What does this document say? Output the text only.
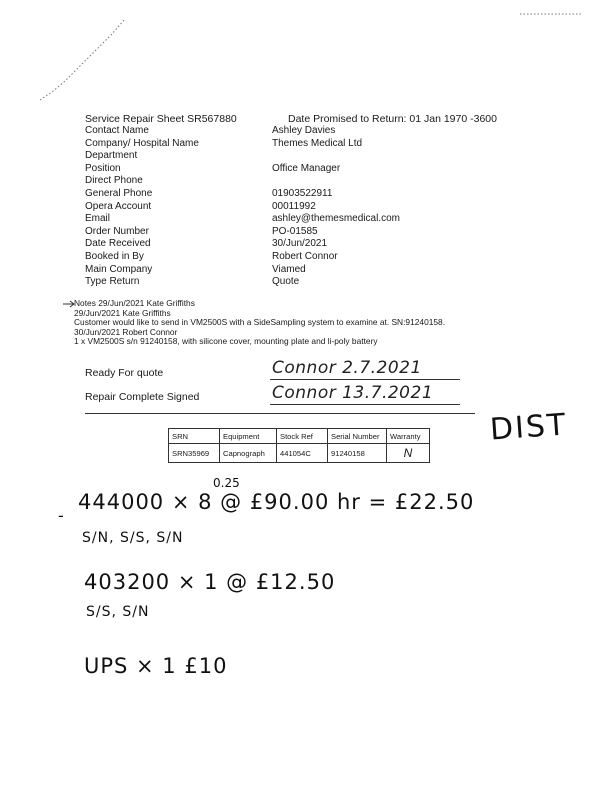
Service Repair Sheet SR567880	Date Promised to Return: 01 Jan 1970 -3600
Contact Name	Ashley Davies
Company/ Hospital Name	Themes Medical Ltd
Department
Position	Office Manager
Direct Phone
General Phone	01903522911
Opera Account	00011992
Email	ashley@themesmedical.com
Order Number	PO-01585
Date Received	30/Jun/2021
Booked in By	Robert Connor
Main Company	Viamed
Type Return	Quote
Notes 29/Jun/2021 Kate Griffiths
29/Jun/2021 Kate Griffiths
Customer would like to send in VM2500S with a SideSampling system to examine at. SN:91240158.
30/Jun/2021 Robert Connor
1 x VM2500S s/n 91240158, with silicone cover, mounting plate and li-poly battery
Ready For quote	Connor 2.7.2021
Repair Complete Signed	Connor 13.7.2021
SRN	Equipment	Stock Ref	Serial Number	Warranty
SRN35969	Capnograph	441054C	91240158	N
DIST
0.25
-
444000 × 8 @ £90.00 hr = £22.50
S/N, S/S, S/N
403200 × 1 @ £12.50
S/S, S/N
UPS × 1 £10
